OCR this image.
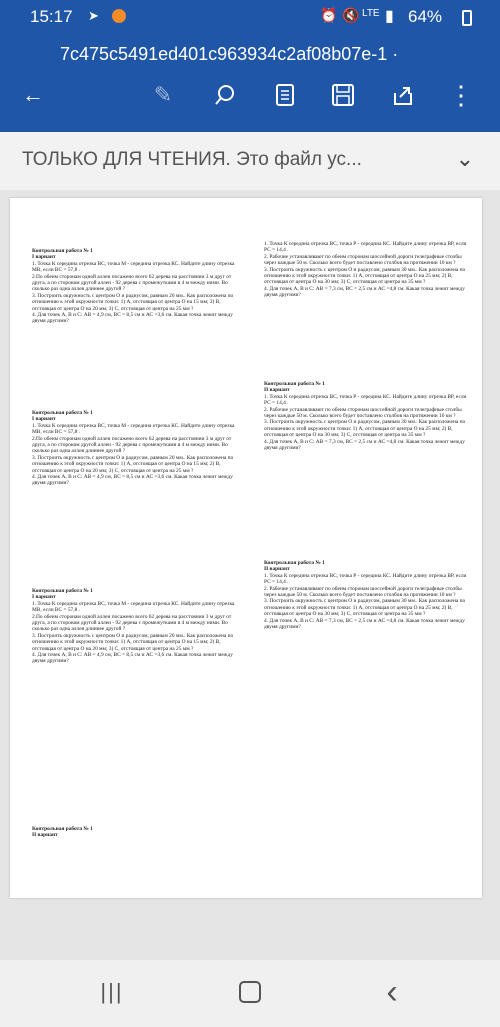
15:17 ➤	⏰ 🔇 LTE ▮ 64%
7c475c5491ed401c963934c2af08b07e-1 ·
←	✎	⋮
ТОЛЬКО ДЛЯ ЧТЕНИЯ. Это файл ус...	⌄
Контрольная работа № 1
I вариант
1. Точка К середина отрезка ВС, точка М - середина отрезка КС. Найдите длину отрезка МВ, если ВС = 57,8 .
2.По обеим сторонам одной аллеи посажено всего 62 дерева на расстоянии 3 м друг от друга, а по сторонам другой аллеи - 92 дерева с промежутками в 4 м между ними. Во сколько раз одна аллея длиннее другой ?
3. Построить окружность с центром О и радиусом, равным 20 мм.. Как расположена по отношению к этой окружности точки: 1) А, отстоящая от центра О на 15 мм; 2) В, отстоящая от центра О на 20 мм; 3) С, отстоящая от центра на 25 мм ?
4. Для точек А, В и С: АВ = 4,9 см, ВС = 8,5 см и АС =3,6 см. Какая точка лежит между двумя другими?
Контрольная работа № 1
I вариант
1. Точка К середина отрезка ВС, точка М - середина отрезка КС. Найдите длину отрезка МВ, если ВС = 57,8 .
2.По обеим сторонам одной аллеи посажено всего 62 дерева на расстоянии 3 м друг от друга, а по сторонам другой аллеи - 92 дерева с промежутками в 4 м между ними. Во сколько раз одна аллея длиннее другой ?
3. Построить окружность с центром О и радиусом, равным 20 мм.. Как расположена по отношению к этой окружности точки: 1) А, отстоящая от центра О на 15 мм; 2) В, отстоящая от центра О на 20 мм; 3) С, отстоящая от центра на 25 мм ?
4. Для точек А, В и С: АВ = 4,9 см, ВС = 8,5 см и АС =3,6 см. Какая точка лежит между двумя другими?
Контрольная работа № 1
I вариант
1. Точка К середина отрезка ВС, точка М - середина отрезка КС. Найдите длину отрезка МВ, если ВС = 57,8 .
2.По обеим сторонам одной аллеи посажено всего 62 дерева на расстоянии 3 м друг от друга, а по сторонам другой аллеи - 92 дерева с промежутками в 4 м между ними. Во сколько раз одна аллея длиннее другой ?
3. Построить окружность с центром О и радиусом, равным 20 мм.. Как расположена по отношению к этой окружности точки: 1) А, отстоящая от центра О на 15 мм; 2) В, отстоящая от центра О на 20 мм; 3) С, отстоящая от центра на 25 мм ?
4. Для точек А, В и С: АВ = 4,9 см, ВС = 8,5 см и АС =3,6 см. Какая точка лежит между двумя другими?
Контрольная работа № 1
II вариант
1. Точка К середина отрезка ВС, точка Р - середина КС. Найдите длину отрезка ВР, если РС = 14,4 .
2. Рабочие устанавливают по обеим сторонам шоссейной дороги телеграфные столбы через каждые 50 м. Сколько всего будет поставлено столбов на протяжении 10 км ?
3. Построить окружность с центром О и радиусом, равным 30 мм.. Как расположена по отношению к этой окружности точки: 1) А, отстоящая от центра О на 25 мм; 2) В, отстоящая от центра О на 30 мм; 3) С, отстоящая от центра на 35 мм ?
4. Для точек А, В и С: АВ = 7,3 см, ВС = 2,5 см и АС =4,8 см. Какая точка лежит между двумя другими?
Контрольная работа № 1
II вариант
1. Точка К середина отрезка ВС, точка Р - середина КС. Найдите длину отрезка ВР, если РС = 14,4 .
2. Рабочие устанавливают по обеим сторонам шоссейной дороги телеграфные столбы через каждые 50 м. Сколько всего будет поставлено столбов на протяжении 10 км ?
3. Построить окружность с центром О и радиусом, равным 30 мм.. Как расположена по отношению к этой окружности точки: 1) А, отстоящая от центра О на 25 мм; 2) В, отстоящая от центра О на 30 мм; 3) С, отстоящая от центра на 35 мм ?
4. Для точек А, В и С: АВ = 7,3 см, ВС = 2,5 см и АС =4,8 см. Какая точка лежит между двумя другими?
Контрольная работа № 1
II вариант
1. Точка К середина отрезка ВС, точка Р - середина КС. Найдите длину отрезка ВР, если РС = 14,4 .
2. Рабочие устанавливают по обеим сторонам шоссейной дороги телеграфные столбы через каждые 50 м. Сколько всего будет поставлено столбов на протяжении 10 км ?
3. Построить окружность с центром О и радиусом, равным 30 мм.. Как расположена по отношению к этой окружности точки: 1) А, отстоящая от центра О на 25 мм; 2) В, отстоящая от центра О на 30 мм; 3) С, отстоящая от центра на 35 мм ?
4. Для точек А, В и С: АВ = 7,3 см, ВС = 2,5 см и АС =4,8 см. Какая точка лежит между двумя другими?
|||	‹
